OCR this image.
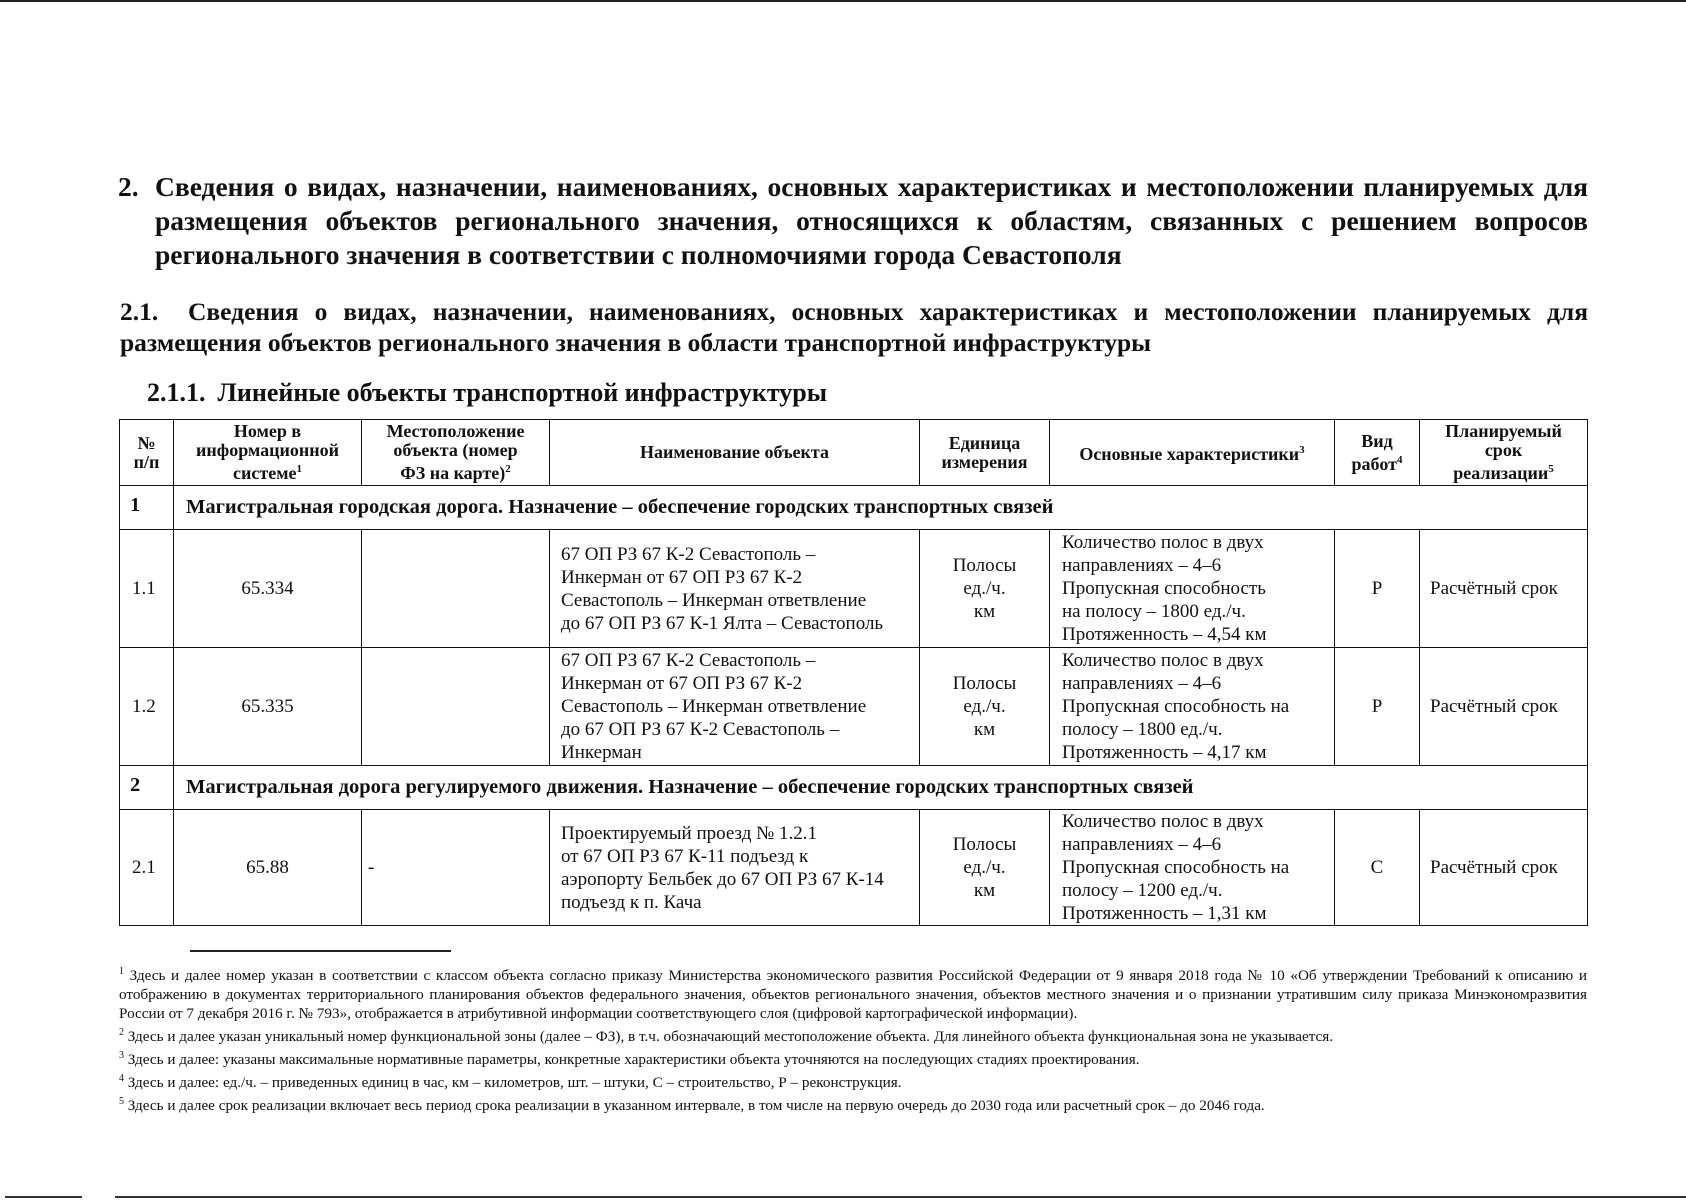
2. Сведения о видах, назначении, наименованиях, основных характеристиках и местоположении планируемых для размещения объектов регионального значения, относящихся к областям, связанных с решением вопросов регионального значения в соответствии с полномочиями города Севастополя
2.1. Сведения о видах, назначении, наименованиях, основных характеристиках и местоположении планируемых для размещения объектов регионального значения в области транспортной инфраструктуры
2.1.1. Линейные объекты транспортной инфраструктуры
№
п/п	Номер в
информационной
системе$^1$	Местоположение
объекта (номер
ФЗ на карте)$^2$	Наименование объекта	Единица
измерения	Основные характеристики$^3$	Вид
работ$^4$	Планируемый
срок
реализации$^5$

1	Магистральная городская дорога. Назначение – обеспечение городских транспортных связей						
1.1	65.334		67 ОП РЗ 67 К-2 Севастополь –
Инкерман от 67 ОП РЗ 67 К-2
Севастополь – Инкерман ответвление
до 67 ОП РЗ 67 К-1 Ялта – Севастополь	Полосы
ед./ч.
км	Количество полос в двух
направлениях – 4–6
Пропускная способность
на полосу – 1800 ед./ч.
Протяженность – 4,54 км	Р	Расчётный срок
1.2	65.335		67 ОП РЗ 67 К-2 Севастополь –
Инкерман от 67 ОП РЗ 67 К-2
Севастополь – Инкерман ответвление
до 67 ОП РЗ 67 К-2 Севастополь –
Инкерман	Полосы
ед./ч.
км	Количество полос в двух
направлениях – 4–6
Пропускная способность на
полосу – 1800 ед./ч.
Протяженность – 4,17 км	Р	Расчётный срок
2	Магистральная дорога регулируемого движения. Назначение – обеспечение городских транспортных связей						
2.1	65.88	-	Проектируемый проезд № 1.2.1
от 67 ОП РЗ 67 К-11 подъезд к
аэропорту Бельбек до 67 ОП РЗ 67 К-14
подъезд к п. Кача	Полосы
ед./ч.
км	Количество полос в двух
направлениях – 4–6
Пропускная способность на
полосу – 1200 ед./ч.
Протяженность – 1,31 км	С	Расчётный срок
$^1$ Здесь и далее номер указан в соответствии с классом объекта согласно приказу Министерства экономического развития Российской Федерации от 9 января 2018 года № 10 «Об утверждении Требований к описанию и отображению в документах территориального планирования объектов федерального значения, объектов регионального значения, объектов местного значения и о признании утратившим силу приказа Минэкономразвития России от 7 декабря 2016 г. № 793», отображается в атрибутивной информации соответствующего слоя (цифровой картографической информации).
$^2$ Здесь и далее указан уникальный номер функциональной зоны (далее – ФЗ), в т.ч. обозначающий местоположение объекта. Для линейного объекта функциональная зона не указывается.
$^3$ Здесь и далее: указаны максимальные нормативные параметры, конкретные характеристики объекта уточняются на последующих стадиях проектирования.
$^4$ Здесь и далее: ед./ч. – приведенных единиц в час, км – километров, шт. – штуки, С – строительство, Р – реконструкция.
$^5$ Здесь и далее срок реализации включает весь период срока реализации в указанном интервале, в том числе на первую очередь до 2030 года или расчетный срок – до 2046 года.
